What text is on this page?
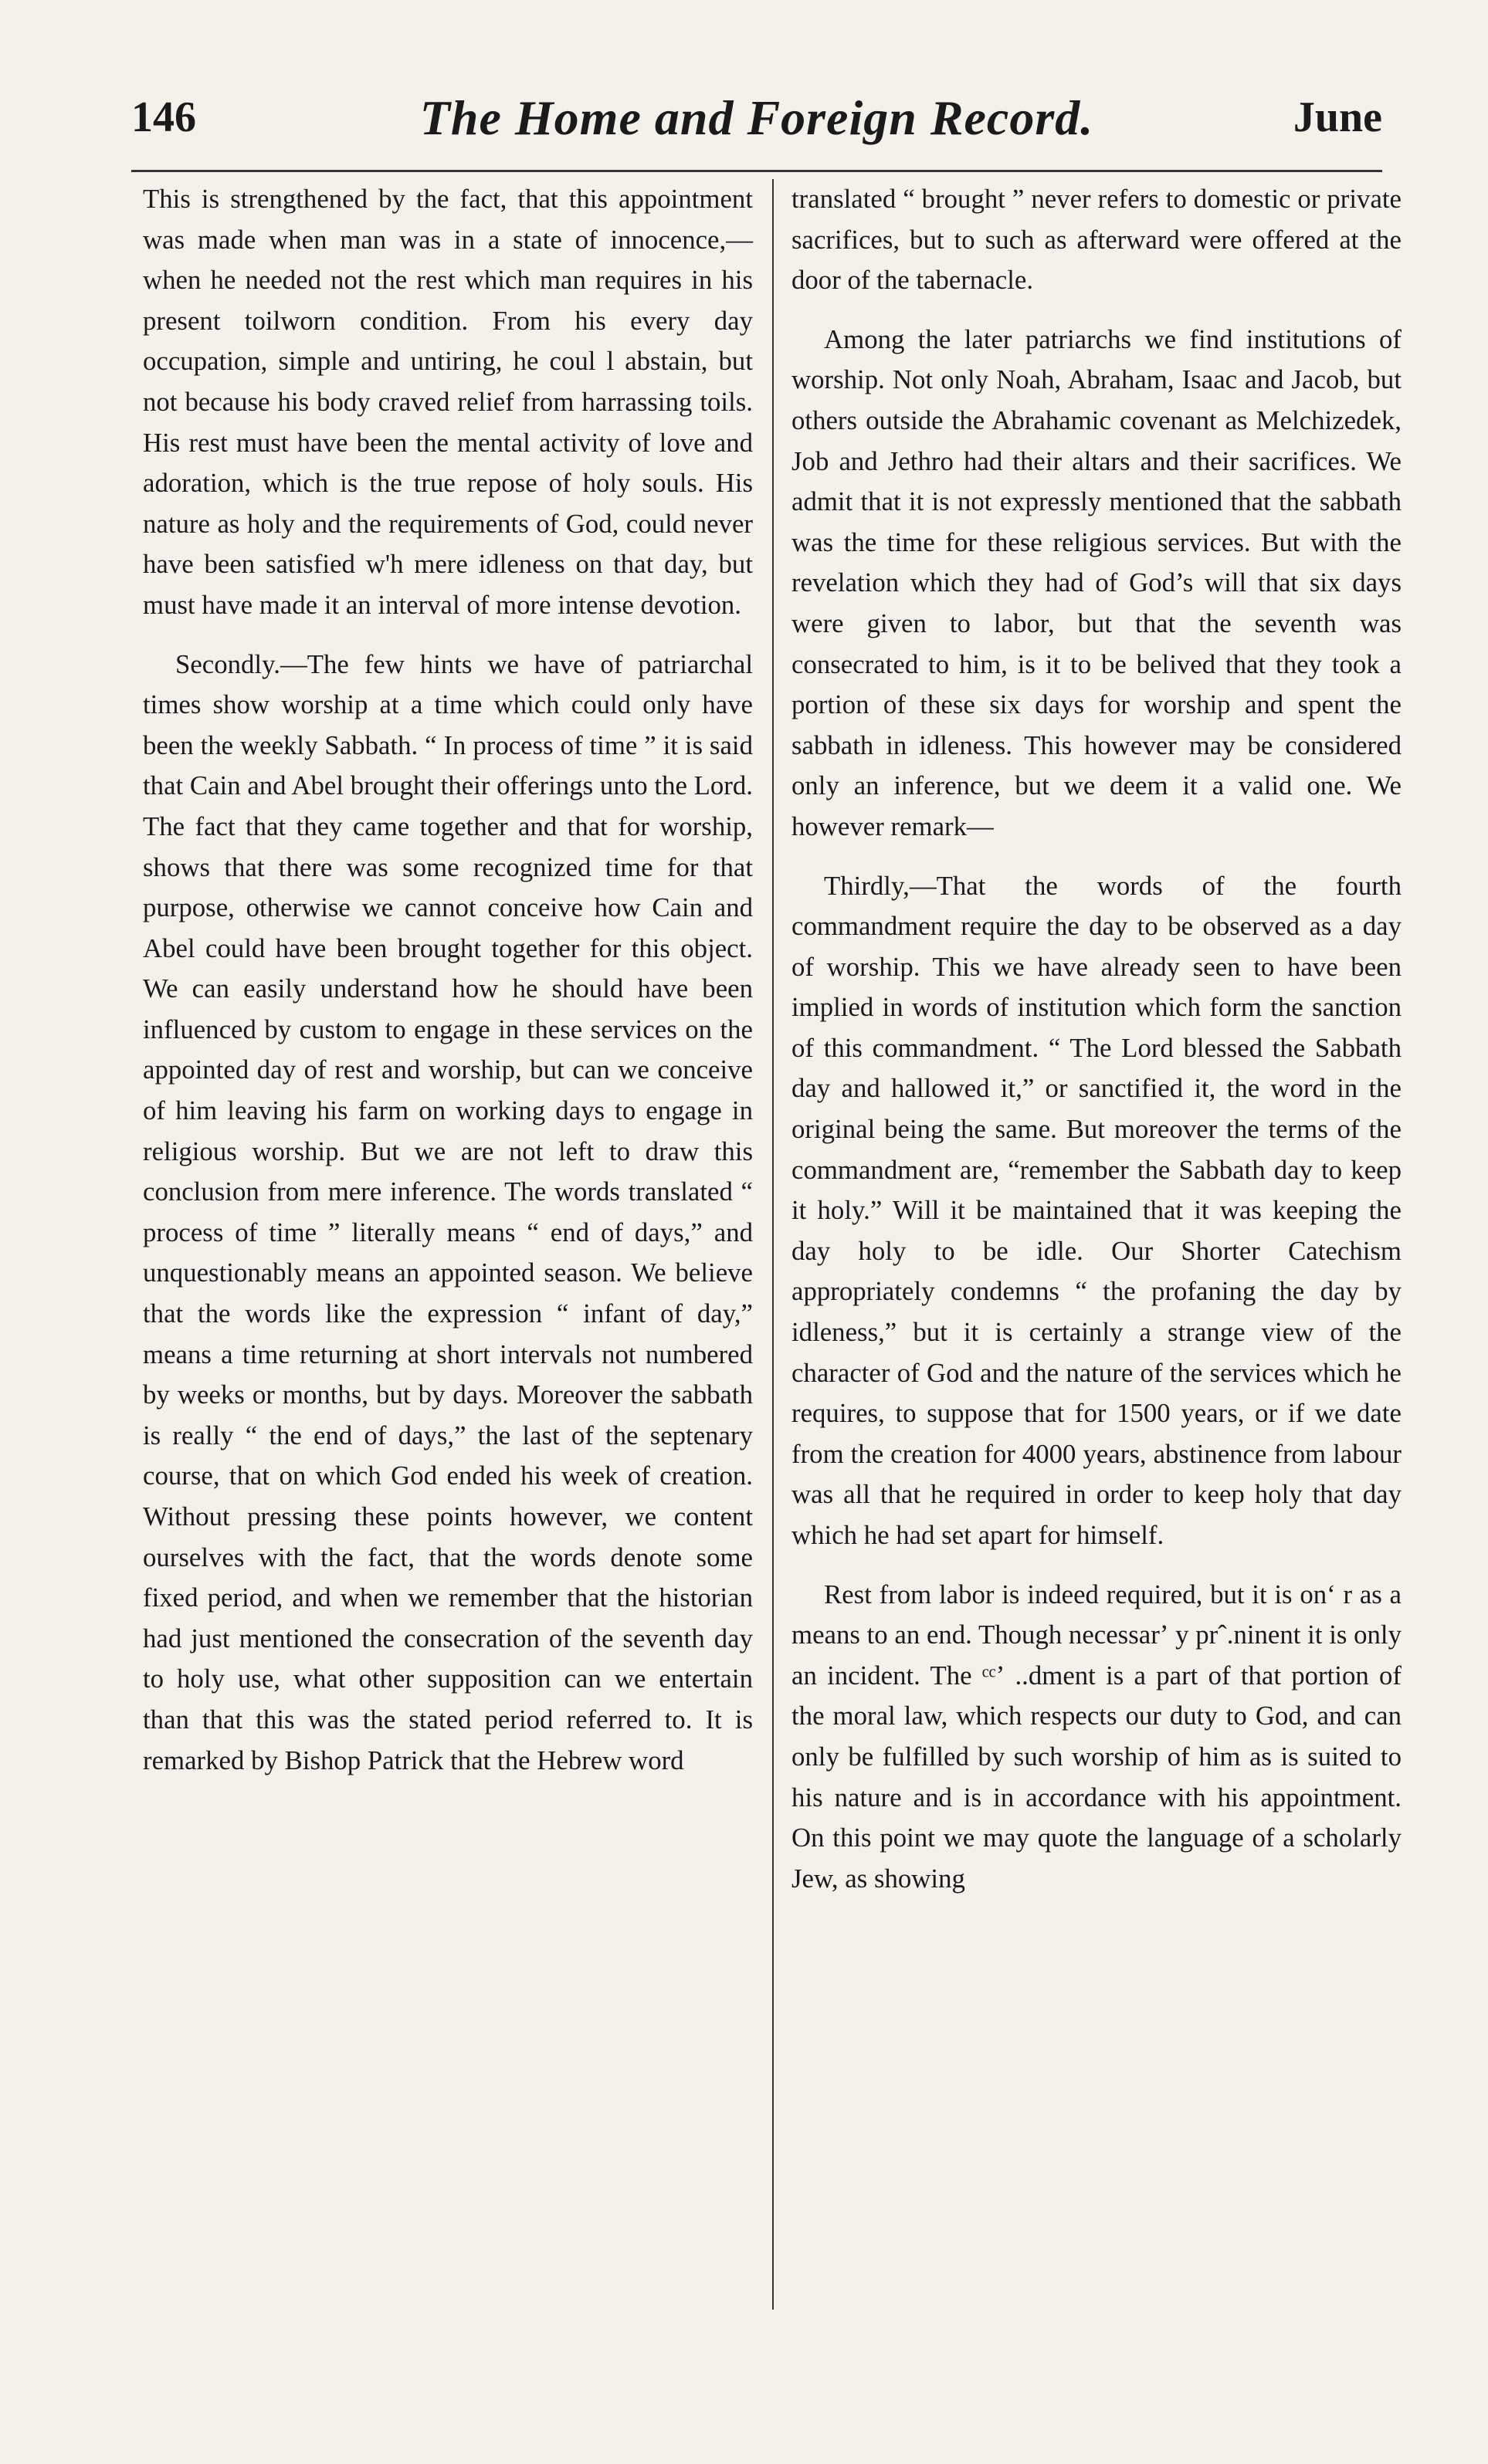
146	The Home and Foreign Record.	June

This is strengthened by the fact, that this appointment was made when man was in a state of innocence,—when he needed not the rest which man requires in his present toilworn condition. From his every day occupation, simple and untiring, he coul l abstain, but not because his body craved relief from harrassing toils. His rest must have been the mental activity of love and adoration, which is the true repose of holy souls. His nature as holy and the requirements of God, could never have been satisfied w'h mere idleness on that day, but must have made it an interval of more intense devotion.

Secondly.—The few hints we have of patriarchal times show worship at a time which could only have been the weekly Sabbath. “ In process of time ” it is said that Cain and Abel brought their offerings unto the Lord. The fact that they came together and that for worship, shows that there was some recognized time for that purpose, otherwise we cannot conceive how Cain and Abel could have been brought together for this object. We can easily understand how he should have been influenced by custom to engage in these services on the appointed day of rest and worship, but can we conceive of him leaving his farm on working days to engage in religious worship. But we are not left to draw this conclusion from mere inference. The words translated “ process of time ” literally means “ end of days,” and unquestionably means an appointed season. We believe that the words like the expression “ infant of day,” means a time returning at short intervals not numbered by weeks or months, but by days. Moreover the sabbath is really “ the end of days,” the last of the septenary course, that on which God ended his week of creation. Without pressing these points however, we content ourselves with the fact, that the words denote some fixed period, and when we remember that the historian had just mentioned the consecration of the seventh day to holy use, what other supposition can we entertain than that this was the stated period referred to. It is remarked by Bishop Patrick that the Hebrew word

translated “ brought ” never refers to domestic or private sacrifices, but to such as afterward were offered at the door of the tabernacle.

Among the later patriarchs we find institutions of worship. Not only Noah, Abraham, Isaac and Jacob, but others outside the Abrahamic covenant as Melchizedek, Job and Jethro had their altars and their sacrifices. We admit that it is not expressly mentioned that the sabbath was the time for these religious services. But with the revelation which they had of God’s will that six days were given to labor, but that the seventh was consecrated to him, is it to be belived that they took a portion of these six days for worship and spent the sabbath in idleness. This however may be considered only an inference, but we deem it a valid one. We however remark—

Thirdly,—That the words of the fourth commandment require the day to be observed as a day of worship. This we have already seen to have been implied in words of institution which form the sanction of this commandment. “ The Lord blessed the Sabbath day and hallowed it,” or sanctified it, the word in the original being the same. But moreover the terms of the commandment are, “remember the Sabbath day to keep it holy.” Will it be maintained that it was keeping the day holy to be idle. Our Shorter Catechism appropriately condemns “ the profaning the day by idleness,” but it is certainly a strange view of the character of God and the nature of the services which he requires, to suppose that for 1500 years, or if we date from the creation for 4000 years, abstinence from labour was all that he required in order to keep holy that day which he had set apart for himself.

Rest from labor is indeed required, but it is onʻ r as a means to an end. Though necessarʼ y prˆ.ninent it is only an incident. The ᶜᶜʼ ..dment is a part of that portion of the moral law, which respects our duty to God, and can only be fulfilled by such worship of him as is suited to his nature and is in accordance with his appointment. On this point we may quote the language of a scholarly Jew, as showing
